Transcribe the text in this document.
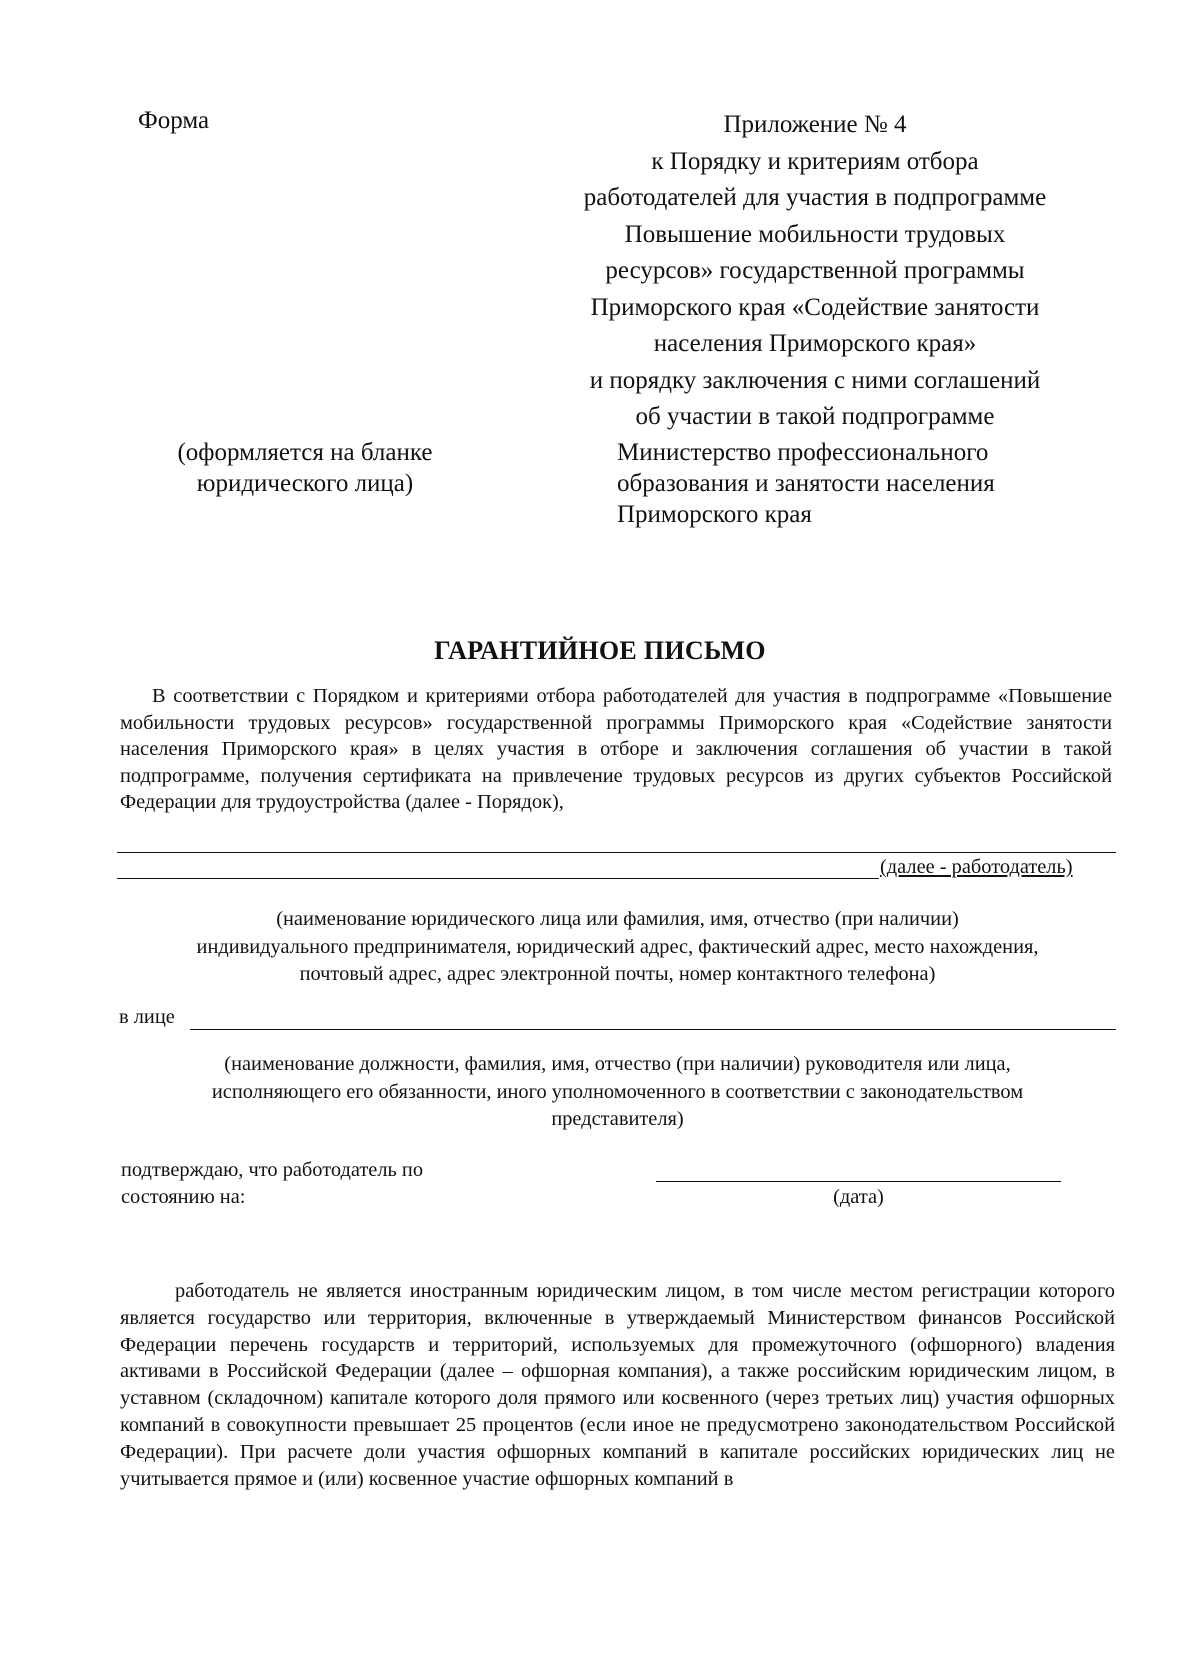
Форма	Приложение № 4
к Порядку и критериям отбора
работодателей для участия в подпрограмме
Повышение мобильности трудовых
ресурсов» государственной программы
Приморского края «Содействие занятости
населения Приморского края»
и порядку заключения с ними соглашений
об участии в такой подпрограмме
(оформляется на бланке
юридического лица)
Министерство профессионального
образования и занятости населения
Приморского края
ГАРАНТИЙНОЕ ПИСЬМО

В соответствии с Порядком и критериями отбора работодателей для участия в подпрограмме «Повышение мобильности трудовых ресурсов» государственной программы Приморского края «Содействие занятости населения Приморского края» в целях участия в отборе и заключения соглашения об участии в такой подпрограмме, получения сертификата на привлечение трудовых ресурсов из других субъектов Российской Федерации для трудоустройства (далее - Порядок),

(далее - работодатель)
(наименование юридического лица или фамилия, имя, отчество (при наличии)
индивидуального предпринимателя, юридический адрес, фактический адрес, место нахождения,
почтовый адрес, адрес электронной почты, номер контактного телефона)
в лице
(наименование должности, фамилия, имя, отчество (при наличии) руководителя или лица,
исполняющего его обязанности, иного уполномоченного в соответствии с законодательством
представителя)
подтверждаю, что работодатель по
состоянию на:	(дата)

работодатель не является иностранным юридическим лицом, в том числе местом регистрации которого является государство или территория, включенные в утверждаемый Министерством финансов Российской Федерации перечень государств и территорий, используемых для промежуточного (офшорного) владения активами в Российской Федерации (далее – офшорная компания), а также российским юридическим лицом, в уставном (складочном) капитале которого доля прямого или косвенного (через третьих лиц) участия офшорных компаний в совокупности превышает 25 процентов (если иное не предусмотрено законодательством Российской Федерации). При расчете доли участия офшорных компаний в капитале российских юридических лиц не учитывается прямое и (или) косвенное участие офшорных компаний в
